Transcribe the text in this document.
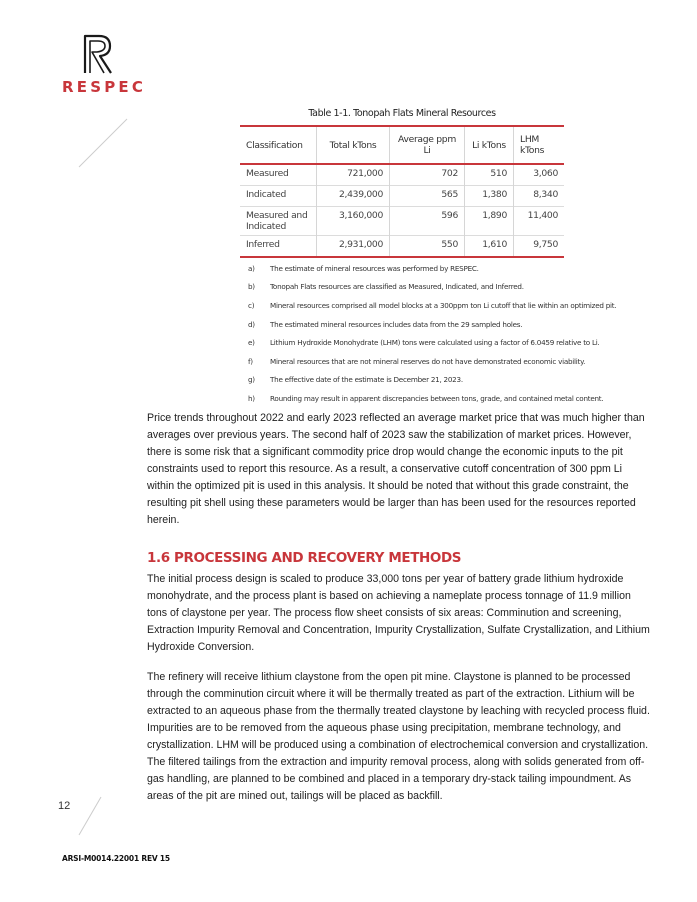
RESPEC
Table 1-1. Tonopah Flats Mineral Resources
Classification	Total kTons	Average ppm Li	Li kTons	LHM kTons
Measured	721,000	702	510	3,060
Indicated	2,439,000	565	1,380	8,340
Measured and Indicated	3,160,000	596	1,890	11,400
Inferred	2,931,000	550	1,610	9,750
a)	The estimate of mineral resources was performed by RESPEC.
b)	Tonopah Flats resources are classified as Measured, Indicated, and Inferred.
c)	Mineral resources comprised all model blocks at a 300ppm ton Li cutoff that lie within an optimized pit.
d)	The estimated mineral resources includes data from the 29 sampled holes.
e)	Lithium Hydroxide Monohydrate (LHM) tons were calculated using a factor of 6.0459 relative to Li.
f)	Mineral resources that are not mineral reserves do not have demonstrated economic viability.
g)	The effective date of the estimate is December 21, 2023.
h)	Rounding may result in apparent discrepancies between tons, grade, and contained metal content.

Price trends throughout 2022 and early 2023 reflected an average market price that was much higher than averages over previous years. The second half of 2023 saw the stabilization of market prices. However, there is some risk that a significant commodity price drop would change the economic inputs to the pit constraints used to report this resource. As a result, a conservative cutoff concentration of 300 ppm Li within the optimized pit is used in this analysis. It should be noted that without this grade constraint, the resulting pit shell using these parameters would be larger than has been used for the resources reported herein.

1.6 PROCESSING AND RECOVERY METHODS

The initial process design is scaled to produce 33,000 tons per year of battery grade lithium hydroxide monohydrate, and the process plant is based on achieving a nameplate process tonnage of 11.9 million tons of claystone per year. The process flow sheet consists of six areas: Comminution and screening, Extraction Impurity Removal and Concentration, Impurity Crystallization, Sulfate Crystallization, and Lithium Hydroxide Conversion.

The refinery will receive lithium claystone from the open pit mine. Claystone is planned to be processed through the comminution circuit where it will be thermally treated as part of the extraction. Lithium will be extracted to an aqueous phase from the thermally treated claystone by leaching with recycled process fluid. Impurities are to be removed from the aqueous phase using precipitation, membrane technology, and crystallization. LHM will be produced using a combination of electrochemical conversion and crystallization. The filtered tailings from the extraction and impurity removal process, along with solids generated from off-gas handling, are planned to be combined and placed in a temporary dry-stack tailing impoundment. As areas of the pit are mined out, tailings will be placed as backfill.

12
ARSI-M0014.22001 REV 15
